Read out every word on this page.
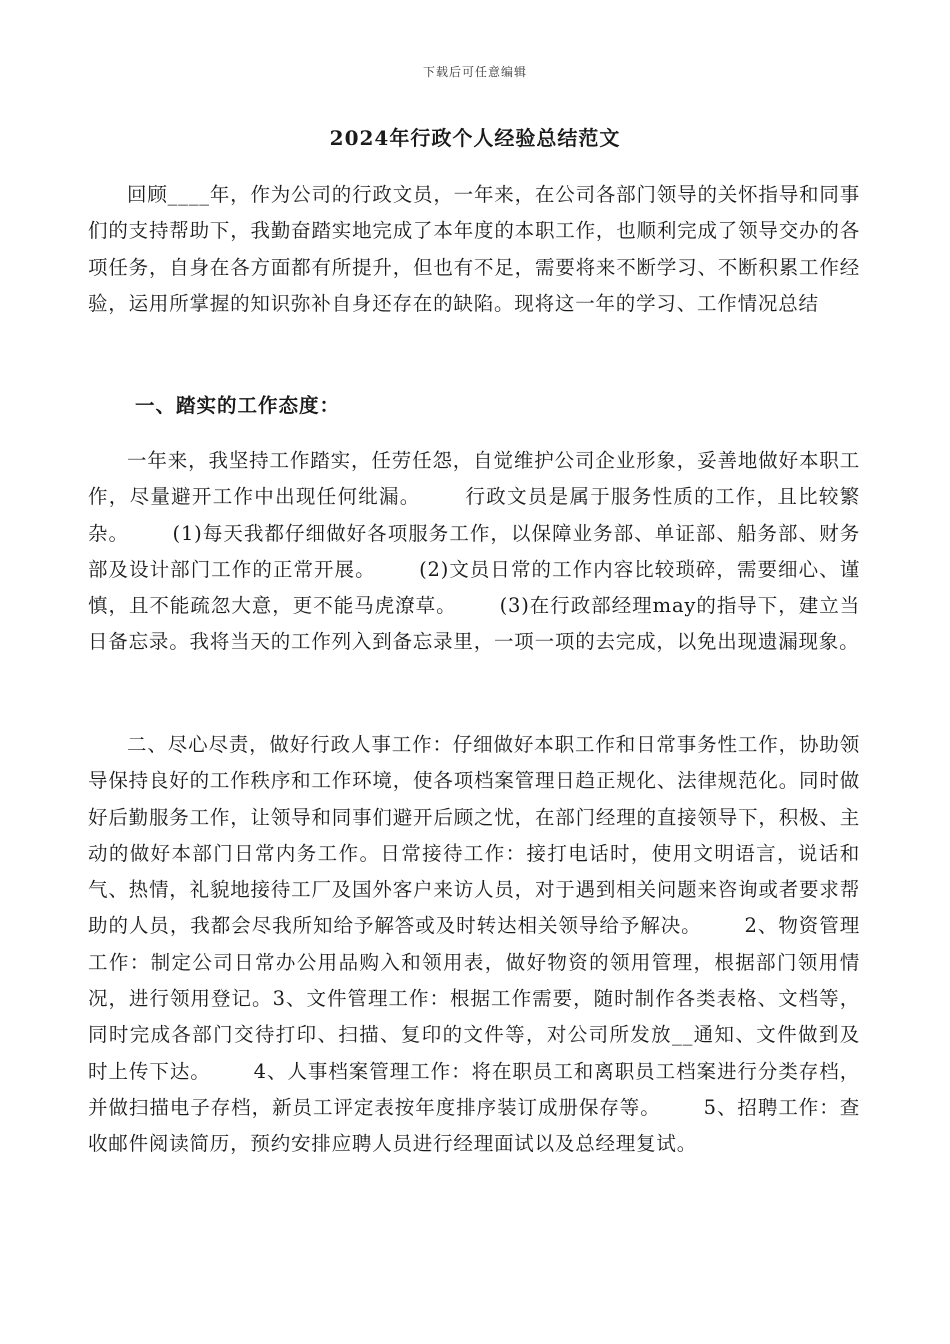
下载后可任意编辑
2024年行政个人经验总结范文

回顾____年，作为公司的行政文员，一年来，在公司各部门领导的关怀指导和同事们的支持帮助下，我勤奋踏实地完成了本年度的本职工作，也顺利完成了领导交办的各项任务，自身在各方面都有所提升，但也有不足，需要将来不断学习、不断积累工作经验，运用所掌握的知识弥补自身还存在的缺陷。现将这一年的学习、工作情况总结

一、踏实的工作态度：

一年来，我坚持工作踏实，任劳任怨，自觉维护公司企业形象，妥善地做好本职工作，尽量避开工作中出现任何纰漏。      行政文员是属于服务性质的工作，且比较繁杂。      (1)每天我都仔细做好各项服务工作，以保障业务部、单证部、船务部、财务部及设计部门工作的正常开展。      (2)文员日常的工作内容比较琐碎，需要细心、谨慎，且不能疏忽大意，更不能马虎潦草。      (3)在行政部经理may的指导下，建立当日备忘录。我将当天的工作列入到备忘录里，一项一项的去完成，以免出现遗漏现象。

二、尽心尽责，做好行政人事工作：仔细做好本职工作和日常事务性工作，协助领导保持良好的工作秩序和工作环境，使各项档案管理日趋正规化、法律规范化。同时做好后勤服务工作，让领导和同事们避开后顾之忧，在部门经理的直接领导下，积极、主动的做好本部门日常内务工作。日常接待工作：接打电话时，使用文明语言，说话和气、热情，礼貌地接待工厂及国外客户来访人员，对于遇到相关问题来咨询或者要求帮助的人员，我都会尽我所知给予解答或及时转达相关领导给予解决。      2、物资管理工作：制定公司日常办公用品购入和领用表，做好物资的领用管理，根据部门领用情况，进行领用登记。3、文件管理工作：根据工作需要，随时制作各类表格、文档等，同时完成各部门交待打印、扫描、复印的文件等，对公司所发放__通知、文件做到及时上传下达。      4、人事档案管理工作：将在职员工和离职员工档案进行分类存档，并做扫描电子存档，新员工评定表按年度排序装订成册保存等。      5、招聘工作：查收邮件阅读简历，预约安排应聘人员进行经理面试以及总经理复试。
